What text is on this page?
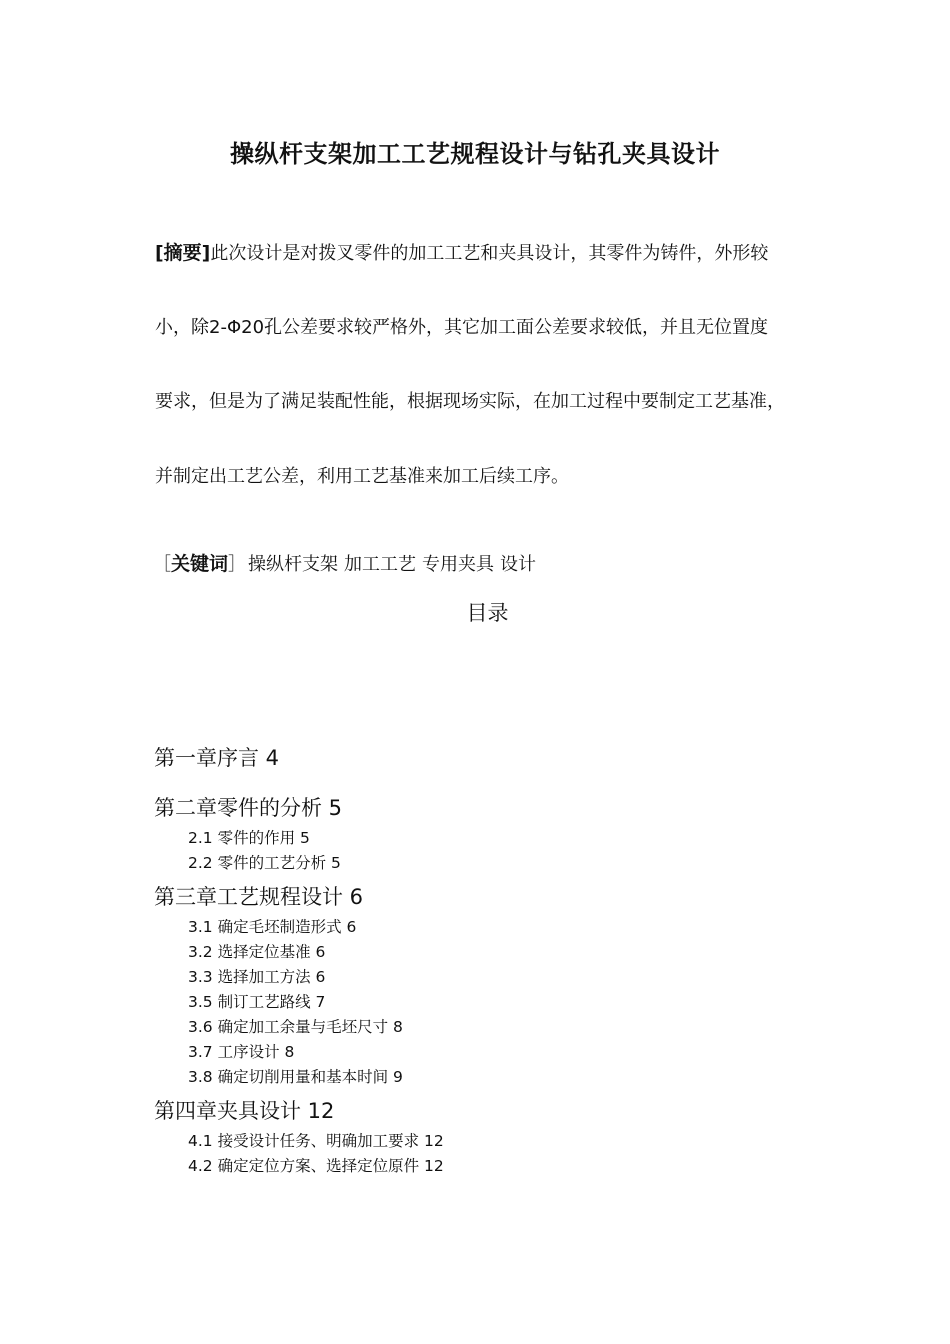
操纵杆支架加工工艺规程设计与钻孔夹具设计
[摘要]此次设计是对拨叉零件的加工工艺和夹具设计，其零件为铸件，外形较
小，除2-Φ20孔公差要求较严格外，其它加工面公差要求较低，并且无位置度
要求，但是为了满足装配性能，根据现场实际，在加工过程中要制定工艺基准，
并制定出工艺公差，利用工艺基准来加工后续工序。
［关键词］ 操纵杆支架 加工工艺 专用夹具 设计
目录
第一章序言 4
第二章零件的分析 5
2.1 零件的作用 5
2.2 零件的工艺分析 5
第三章工艺规程设计 6
3.1 确定毛坯制造形式 6
3.2 选择定位基准 6
3.3 选择加工方法 6
3.5 制订工艺路线 7
3.6 确定加工余量与毛坯尺寸 8
3.7 工序设计 8
3.8 确定切削用量和基本时间 9
第四章夹具设计 12
4.1 接受设计任务、明确加工要求 12
4.2 确定定位方案、选择定位原件 12
